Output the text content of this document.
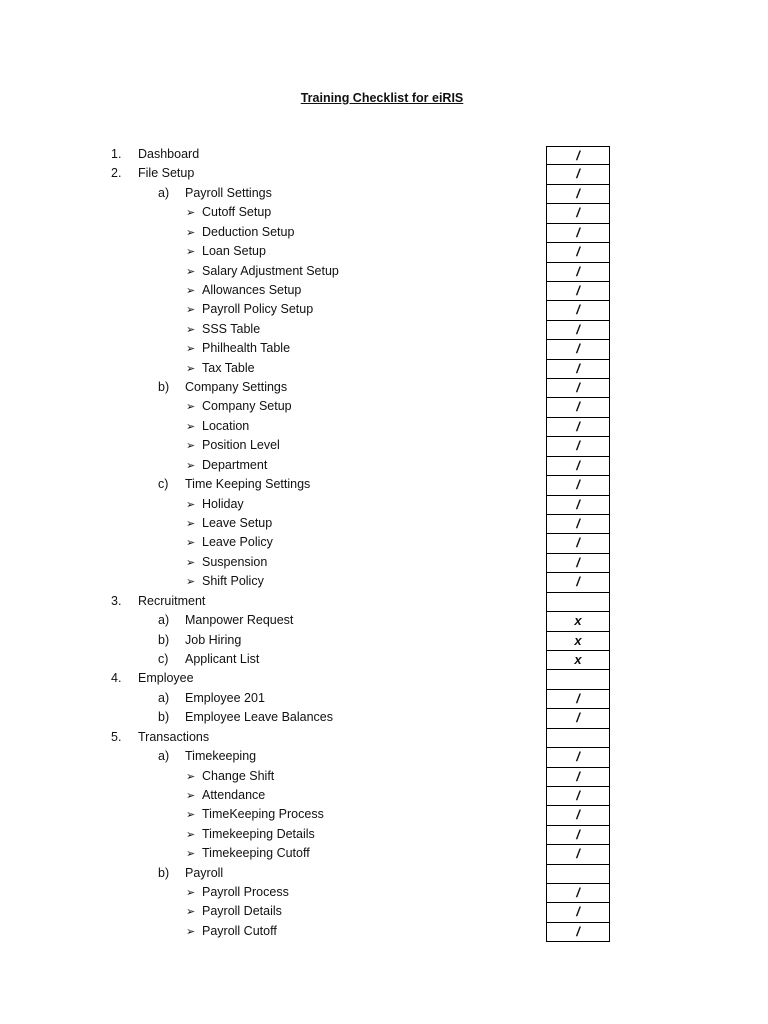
Training Checklist for eiRIS
1. Dashboard	/
2. File Setup	/
a) Payroll Settings	/
➢ Cutoff Setup	/
➢ Deduction Setup	/
➢ Loan Setup	/
➢ Salary Adjustment Setup	/
➢ Allowances Setup	/
➢ Payroll Policy Setup	/
➢ SSS Table	/
➢ Philhealth Table	/
➢ Tax Table	/
b) Company Settings	/
➢ Company Setup	/
➢ Location	/
➢ Position Level	/
➢ Department	/
c) Time Keeping Settings	/
➢ Holiday	/
➢ Leave Setup	/
➢ Leave Policy	/
➢ Suspension	/
➢ Shift Policy	/
3. Recruitment
a) Manpower Request	x
b) Job Hiring	x
c) Applicant List	x
4. Employee
a) Employee 201	/
b) Employee Leave Balances	/
5. Transactions
a) Timekeeping	/
➢ Change Shift	/
➢ Attendance	/
➢ TimeKeeping Process	/
➢ Timekeeping Details	/
➢ Timekeeping Cutoff	/
b) Payroll
➢ Payroll Process	/
➢ Payroll Details	/
➢ Payroll Cutoff	/
